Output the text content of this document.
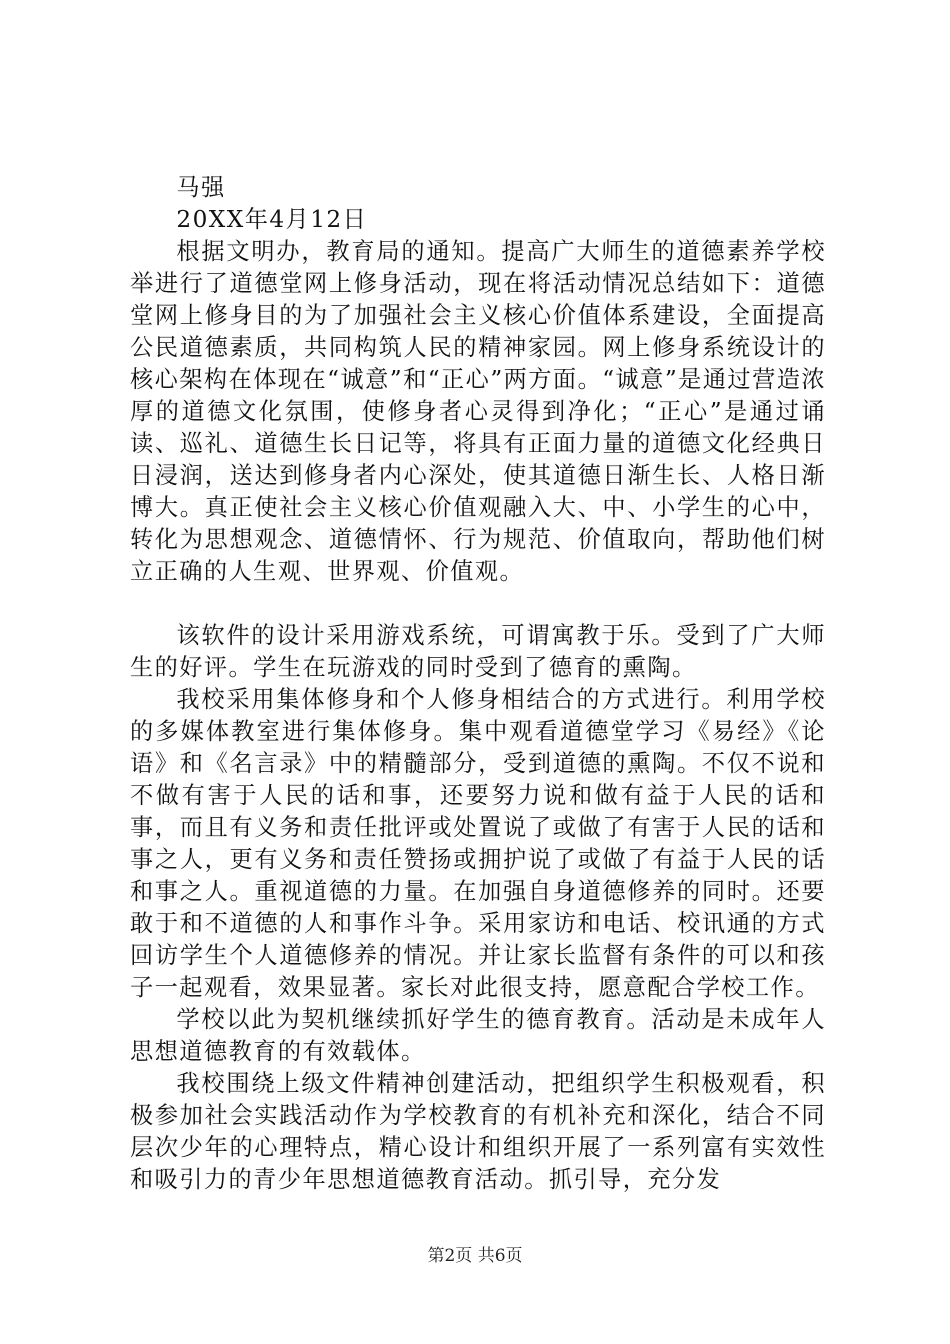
马强

20XX年4月12日

根据文明办，教育局的通知。提高广大师生的道德素养学校举进行了道德堂网上修身活动，现在将活动情况总结如下：道德堂网上修身目的为了加强社会主义核心价值体系建设，全面提高公民道德素质，共同构筑人民的精神家园。网上修身系统设计的核心架构在体现在“诚意”和“正心”两方面。“诚意”是通过营造浓厚的道德文化氛围，使修身者心灵得到净化；“正心”是通过诵读、巡礼、道德生长日记等，将具有正面力量的道德文化经典日日浸润，送达到修身者内心深处，使其道德日渐生长、人格日渐博大。真正使社会主义核心价值观融入大、中、小学生的心中，转化为思想观念、道德情怀、行为规范、价值取向，帮助他们树立正确的人生观、世界观、价值观。

该软件的设计采用游戏系统，可谓寓教于乐。受到了广大师生的好评。学生在玩游戏的同时受到了德育的熏陶。

我校采用集体修身和个人修身相结合的方式进行。利用学校的多媒体教室进行集体修身。集中观看道德堂学习《易经》《论语》和《名言录》中的精髓部分，受到道德的熏陶。不仅不说和不做有害于人民的话和事，还要努力说和做有益于人民的话和事，而且有义务和责任批评或处置说了或做了有害于人民的话和事之人，更有义务和责任赞扬或拥护说了或做了有益于人民的话和事之人。重视道德的力量。在加强自身道德修养的同时。还要敢于和不道德的人和事作斗争。采用家访和电话、校讯通的方式回访学生个人道德修养的情况。并让家长监督有条件的可以和孩子一起观看，效果显著。家长对此很支持，愿意配合学校工作。

学校以此为契机继续抓好学生的德育教育。活动是未成年人思想道德教育的有效载体。

我校围绕上级文件精神创建活动，把组织学生积极观看，积极参加社会实践活动作为学校教育的有机补充和深化，结合不同层次少年的心理特点，精心设计和组织开展了一系列富有实效性和吸引力的青少年思想道德教育活动。抓引导，充分发

第2页 共6页
